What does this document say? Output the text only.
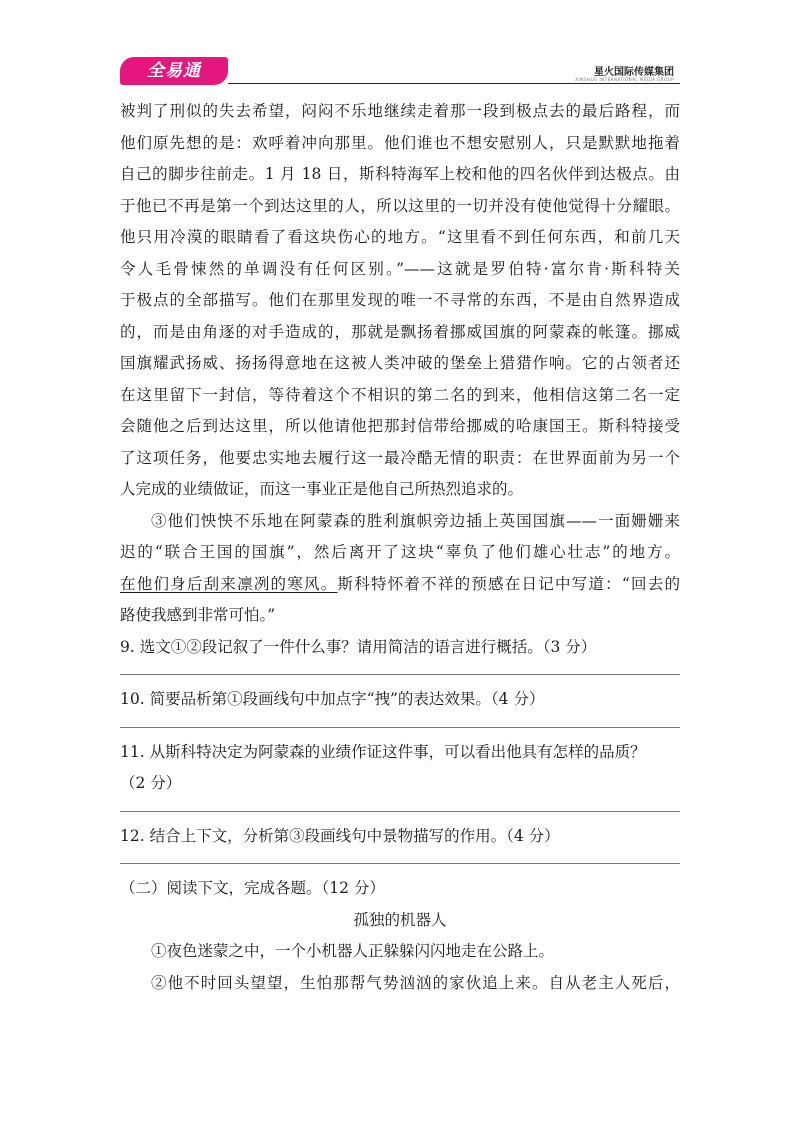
全易通	星火国际传媒集团
XINGHUO INTERNATIONAL MEDIA GROUP
被判了刑似的失去希望，闷闷不乐地继续走着那一段到极点去的最后路程，而
他们原先想的是：欢呼着冲向那里。他们谁也不想安慰别人，只是默默地拖着
自己的脚步往前走。1 月 18 日，斯科特海军上校和他的四名伙伴到达极点。由
于他已不再是第一个到达这里的人，所以这里的一切并没有使他觉得十分耀眼。
他只用冷漠的眼睛看了看这块伤心的地方。“这里看不到任何东西，和前几天
令人毛骨悚然的单调没有任何区别。”——这就是罗伯特·富尔肯·斯科特关
于极点的全部描写。他们在那里发现的唯一不寻常的东西，不是由自然界造成
的，而是由角逐的对手造成的，那就是飘扬着挪威国旗的阿蒙森的帐篷。挪威
国旗耀武扬威、扬扬得意地在这被人类冲破的堡垒上猎猎作响。它的占领者还
在这里留下一封信，等待着这个不相识的第二名的到来，他相信这第二名一定
会随他之后到达这里，所以他请他把那封信带给挪威的哈康国王。斯科特接受
了这项任务，他要忠实地去履行这一最冷酷无情的职责：在世界面前为另一个
人完成的业绩做证，而这一事业正是他自己所热烈追求的。
③他们怏怏不乐地在阿蒙森的胜利旗帜旁边插上英国国旗——一面姗姗来
迟的“联合王国的国旗”，然后离开了这块“辜负了他们雄心壮志”的地方。
在他们身后刮来凛冽的寒风。斯科特怀着不祥的预感在日记中写道：“回去的
路使我感到非常可怕。”
9. 选文①②段记叙了一件什么事？请用简洁的语言进行概括。（3 分）
10. 简要品析第①段画线句中加点字“拽”的表达效果。（4 分）
11. 从斯科特决定为阿蒙森的业绩作证这件事，可以看出他具有怎样的品质？
（2 分）
12. 结合上下文，分析第③段画线句中景物描写的作用。（4 分）
（二）阅读下文，完成各题。（12 分）
孤独的机器人
①夜色迷蒙之中，一个小机器人正躲躲闪闪地走在公路上。
②他不时回头望望，生怕那帮气势汹汹的家伙追上来。自从老主人死后，
